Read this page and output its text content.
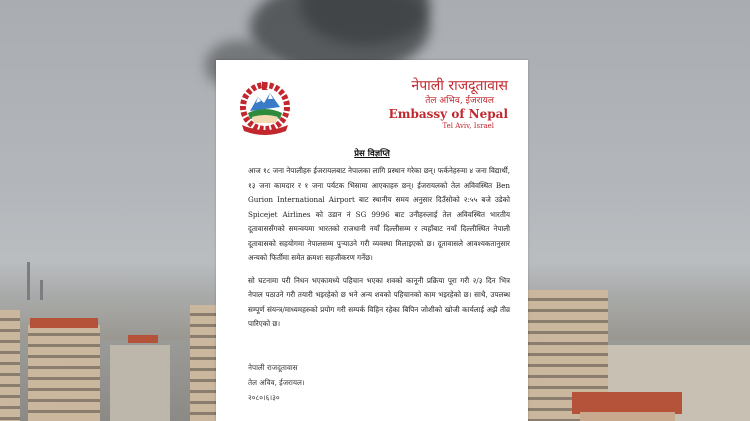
नेपाली राजदूतावास
तेल अभिव, ईजरायल
Embassy of Nepal
Tel Aviv, Israel
प्रेस विज्ञप्ति

आज १८ जना नेपालीहरु ईजरायलबाट नेपालका लागि प्रस्थान गरेका छन्। फर्कनेहरुमा ४ जना विद्यार्थी, १३ जना कामदार र १ जना पर्यटक भिसामा आएकाहरु छन्। ईजरायलको तेल अविवस्थित Ben Gurion International Airport बाट स्थानीय समय अनुसार दिउँसोको २:५५ बजे उडेको Spicejet Airlines को उडान नं SG 9996 बाट उनीहरुलाई तेल अविवस्थित भारतीय दूतावाससँगको समन्वयमा भारतको राजधानी नयाँ दिल्लीसम्म र त्यहाँबाट नयाँ दिल्लीस्थित नेपाली दूतावासको सहयोगमा नेपालसम्म पुऱ्याउने गरी व्यवस्था मिलाइएको छ। दूतावासले आवश्यकतानुसार अन्यको फिर्तीमा समेत क्रमशः सहजीकरण गर्नेछ।

सो घटनामा परी निधन भएकामध्ये पहिचान भएका शवको कानूनी प्रक्रिया पूरा गरी २/३ दिन भित्र नेपाल पठाउने गरी तयारी भइरहेको छ भने अन्य शवको पहिचानको काम भइरहेको छ। साथै, उपलब्ध सम्पूर्ण संयन्त्र/माध्यमहरुको प्रयोग गरी सम्पर्क विहिन रहेका बिपिन जोशीको खोजी कार्यलाई अझै तीव्र पारिएको छ।

नेपाली राजदूतावास
तेल अविव, ईजरायल।
२०८०।६।३०
